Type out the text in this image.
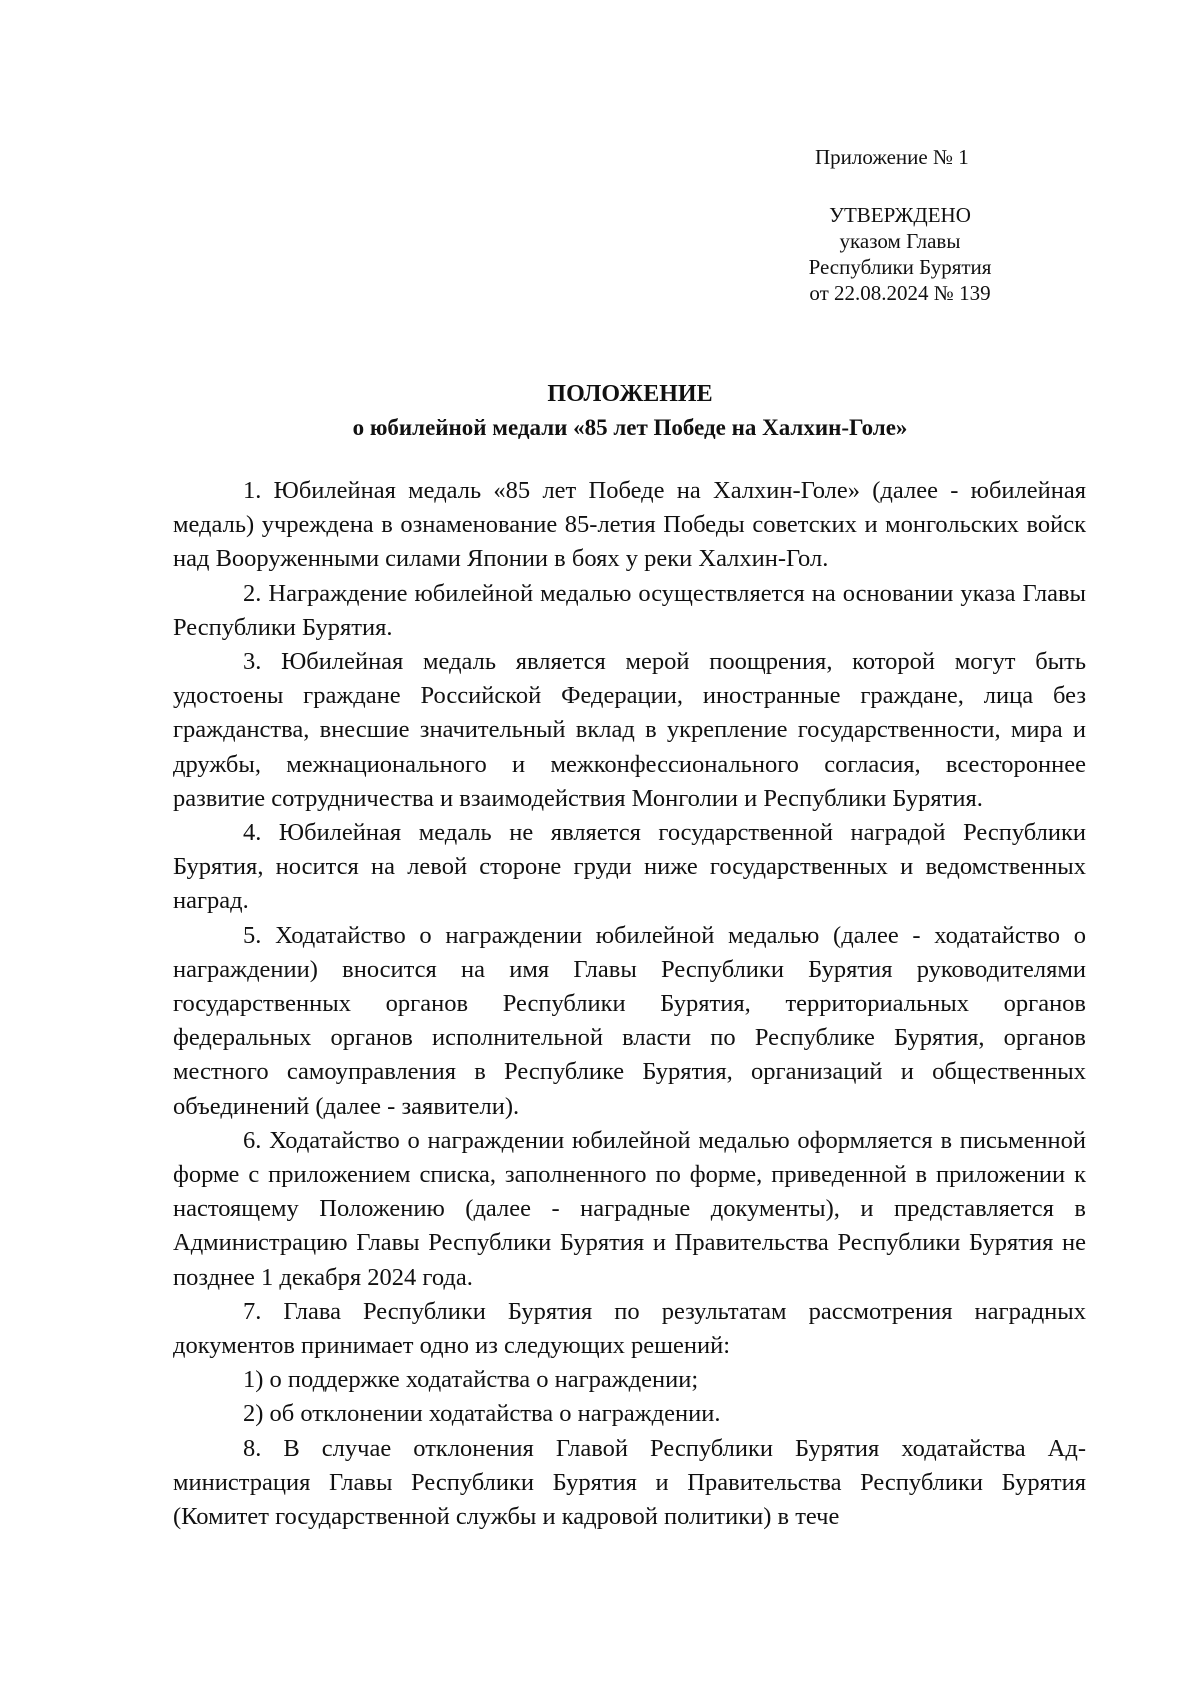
Приложение № 1
УТВЕРЖДЕНО
указом Главы
Республики Бурятия
от 22.08.2024 № 139
ПОЛОЖЕНИЕ
о юбилейной медали «85 лет Победе на Халхин-Голе»

1. Юбилейная медаль «85 лет Победе на Халхин-Голе» (далее - юбилейная медаль) учреждена в ознаменование 85-летия Победы советских и монгольских войск над Вооруженными силами Японии в боях у реки Халхин-Гол.

2. Награждение юбилейной медалью осуществляется на основании указа Главы Республики Бурятия.

3. Юбилейная медаль является мерой поощрения, которой могут быть удостоены граждане Российской Федерации, иностранные граждане, лица без гражданства, внесшие значительный вклад в укрепление государственности, мира и дружбы, межнационального и межконфессионального согласия, всестороннее развитие сотрудничества и взаимодействия Монголии и Республики Бурятия.

4. Юбилейная медаль не является государственной наградой Республики Бурятия, носится на левой стороне груди ниже государственных и ведомственных наград.

5. Ходатайство о награждении юбилейной медалью (далее - ходатайство о награждении) вносится на имя Главы Республики Бурятия руководителями государственных органов Республики Бурятия, территориальных органов федеральных органов исполнительной власти по Республике Бурятия, органов местного самоуправления в Республике Бурятия, организаций и общественных объединений (далее - заявители).

6. Ходатайство о награждении юбилейной медалью оформляется в письменной форме с приложением списка, заполненного по форме, приведенной в приложении к настоящему Положению (далее - наградные документы), и представляется в Администрацию Главы Республики Бурятия и Правительства Республики Бурятия не позднее 1 декабря 2024 года.

7. Глава Республики Бурятия по результатам рассмотрения наградных документов принимает одно из следующих решений:

1) о поддержке ходатайства о награждении;

2) об отклонении ходатайства о награждении.

8. В случае отклонения Главой Республики Бурятия ходатайства Администрация Главы Республики Бурятия и Правительства Республики Бурятия (Комитет государственной службы и кадровой политики) в тече
